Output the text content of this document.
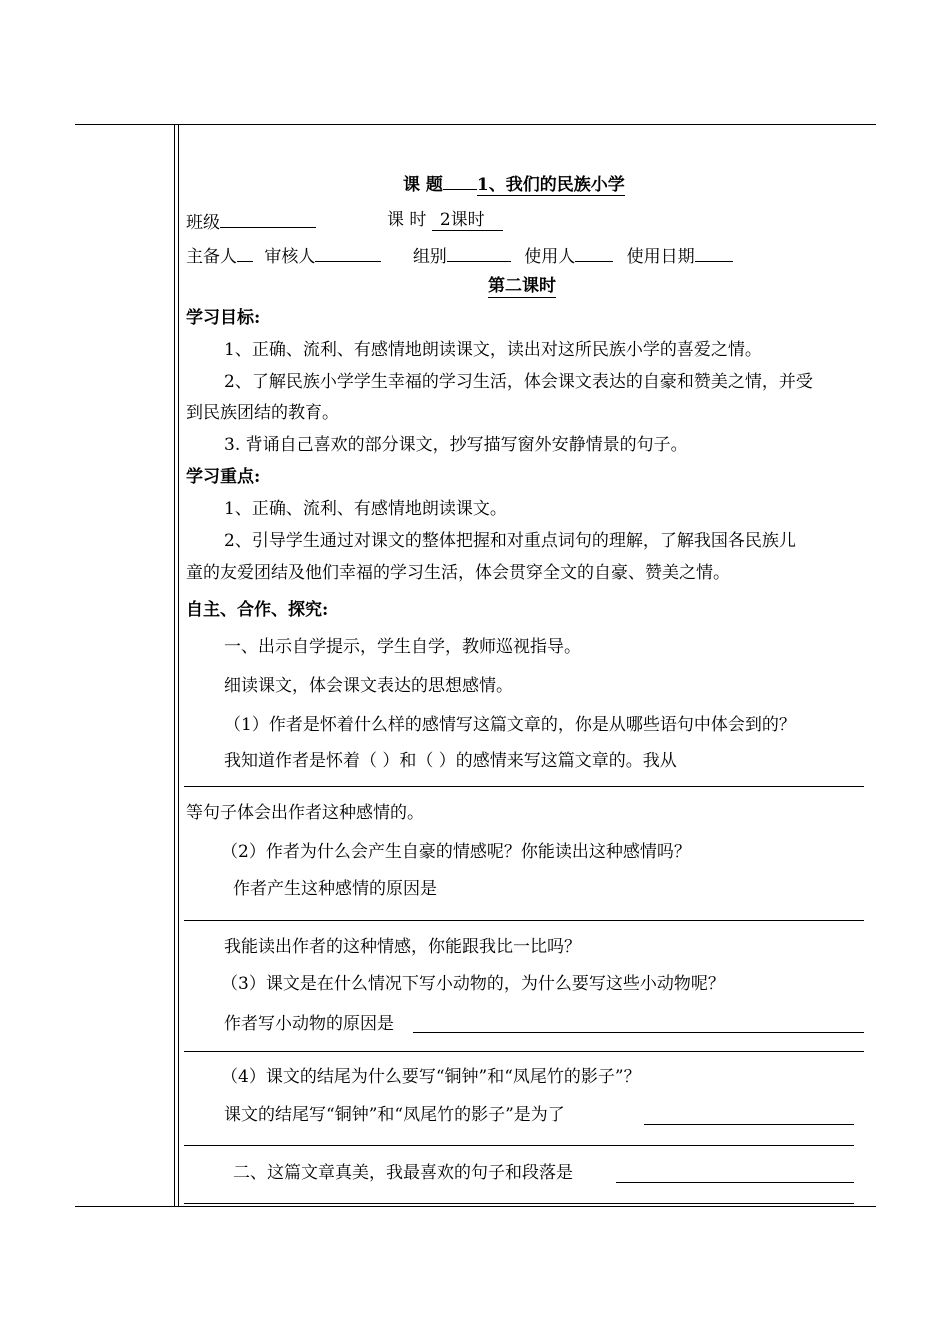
课 题 1、我们的民族小学
班级	课 时 2课时
主备人 审核人	组别	使用人	使用日期
第二课时
学习目标:
1、正确、流利、有感情地朗读课文，读出对这所民族小学的喜爱之情。
2、了解民族小学学生幸福的学习生活，体会课文表达的自豪和赞美之情，并受
到民族团结的教育。
3. 背诵自己喜欢的部分课文，抄写描写窗外安静情景的句子。
学习重点:
1、正确、流利、有感情地朗读课文。
2、引导学生通过对课文的整体把握和对重点词句的理解，了解我国各民族儿
童的友爱团结及他们幸福的学习生活，体会贯穿全文的自豪、赞美之情。
自主、合作、探究:
一、出示自学提示，学生自学，教师巡视指导。
细读课文，体会课文表达的思想感情。
（1）作者是怀着什么样的感情写这篇文章的，你是从哪些语句中体会到的？
我知道作者是怀着（ ）和（ ）的感情来写这篇文章的。我从
等句子体会出作者这种感情的。
（2）作者为什么会产生自豪的情感呢？你能读出这种感情吗？
作者产生这种感情的原因是
我能读出作者的这种情感，你能跟我比一比吗？
（3）课文是在什么情况下写小动物的，为什么要写这些小动物呢？
作者写小动物的原因是
（4）课文的结尾为什么要写“铜钟”和“凤尾竹的影子”？
课文的结尾写“铜钟”和“凤尾竹的影子”是为了
二、这篇文章真美，我最喜欢的句子和段落是
